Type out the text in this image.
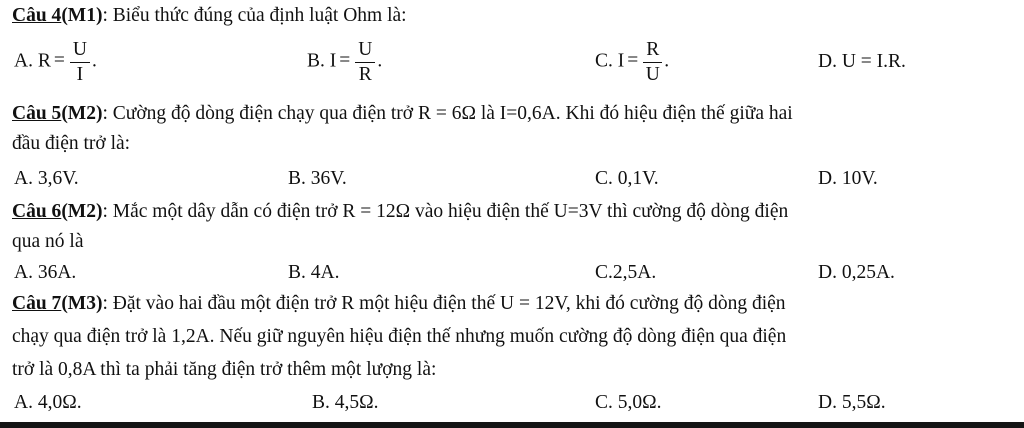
Câu 4(M1): Biểu thức đúng của định luật Ohm là:
A. $R = \frac{U}{I}$ .	B. $I = \frac{U}{R}$ .	C. $I = \frac{R}{U}$ .	D. U = I.R.
Câu 5(M2): Cường độ dòng điện chạy qua điện trở R = 6Ω là I=0,6A. Khi đó hiệu điện thế giữa hai
đầu điện trở là:
A. 3,6V.	B. 36V.	C. 0,1V.	D. 10V.
Câu 6(M2): Mắc một dây dẫn có điện trở R = 12Ω vào hiệu điện thế U=3V thì cường độ dòng điện
qua nó là
A. 36A.	B. 4A.	C.2,5A.	D. 0,25A.
Câu 7(M3): Đặt vào hai đầu một điện trở R một hiệu điện thế U = 12V, khi đó cường độ dòng điện
chạy qua điện trở là 1,2A. Nếu giữ nguyên hiệu điện thế nhưng muốn cường độ dòng điện qua điện
trở là 0,8A thì ta phải tăng điện trở thêm một lượng là:
A. 4,0Ω.	B. 4,5Ω.	C. 5,0Ω.	D. 5,5Ω.
